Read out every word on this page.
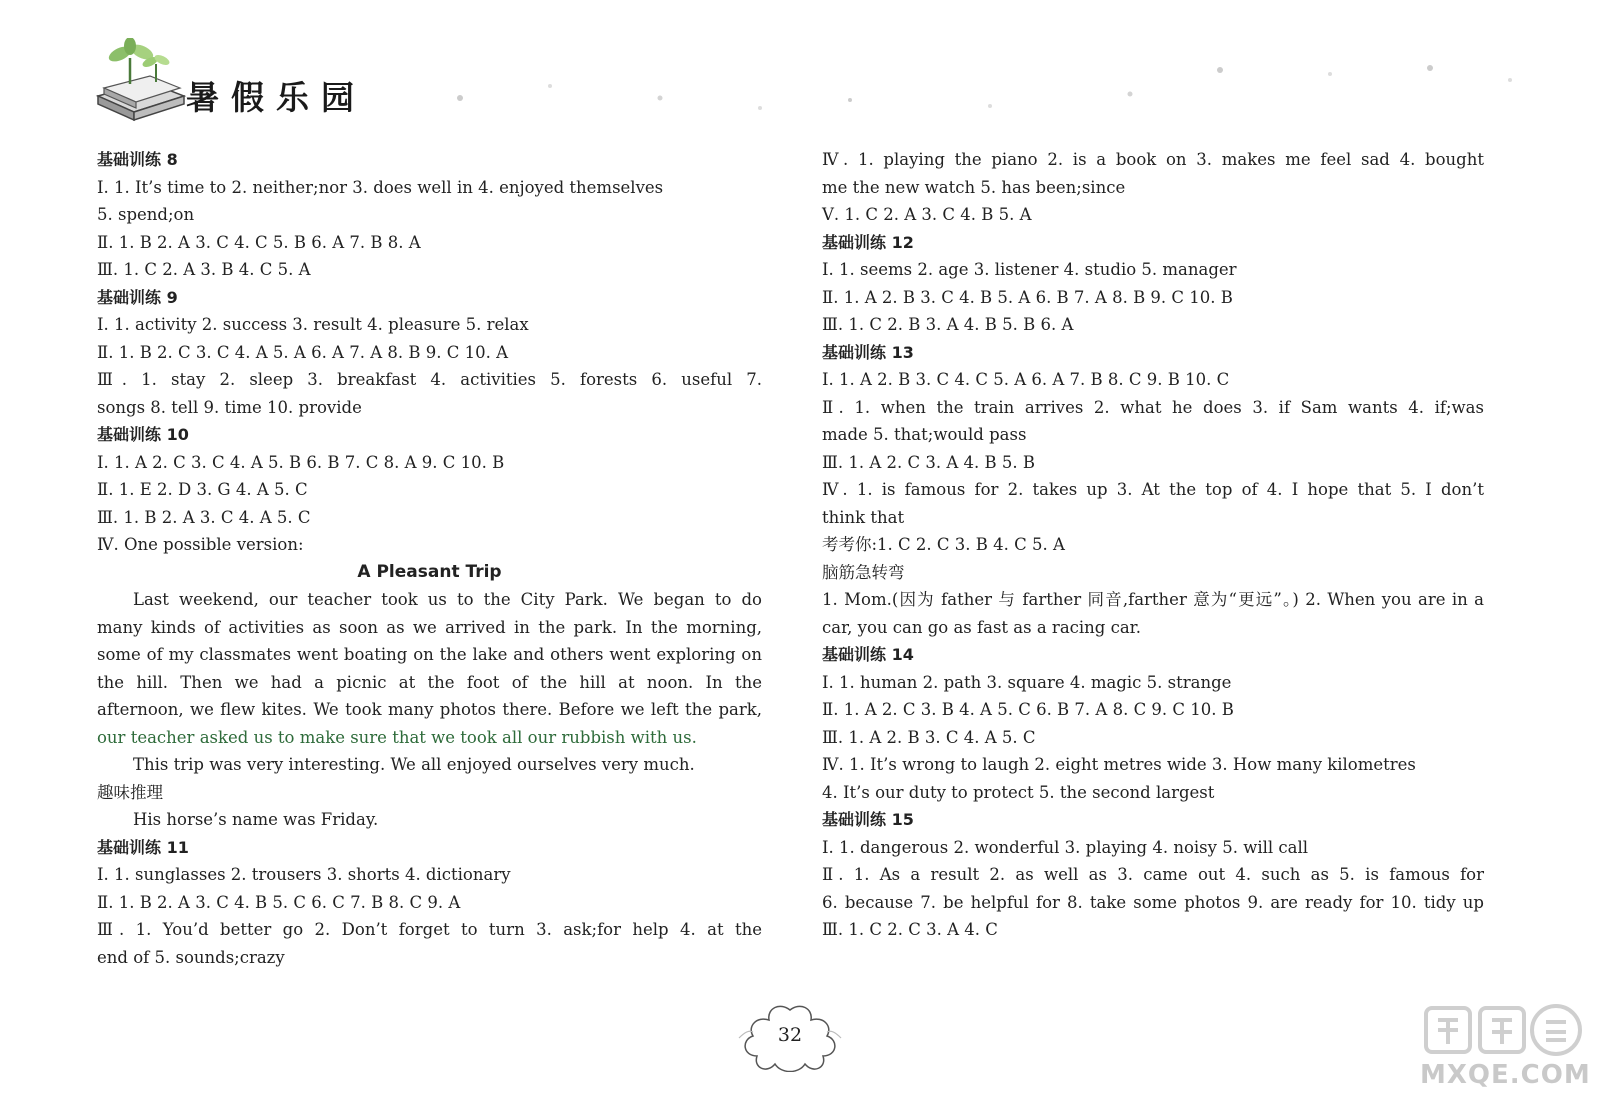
暑假乐园
基础训练 8
Ⅰ. 1. It’s time to 2. neither;nor 3. does well in 4. enjoyed themselves
5. spend;on
Ⅱ. 1. B 2. A 3. C 4. C 5. B 6. A 7. B 8. A
Ⅲ. 1. C 2. A 3. B 4. C 5. A
基础训练 9
Ⅰ. 1. activity 2. success 3. result 4. pleasure 5. relax
Ⅱ. 1. B 2. C 3. C 4. A 5. A 6. A 7. A 8. B 9. C 10. A
Ⅲ. 1. stay 2. sleep 3. breakfast 4. activities 5. forests 6. useful 7.
songs 8. tell 9. time 10. provide
基础训练 10
Ⅰ. 1. A 2. C 3. C 4. A 5. B 6. B 7. C 8. A 9. C 10. B
Ⅱ. 1. E 2. D 3. G 4. A 5. C
Ⅲ. 1. B 2. A 3. C 4. A 5. C
Ⅳ. One possible version:
A Pleasant Trip
Last weekend, our teacher took us to the City Park. We began to do
many kinds of activities as soon as we arrived in the park. In the morning,
some of my classmates went boating on the lake and others went exploring on
the hill. Then we had a picnic at the foot of the hill at noon. In the
afternoon, we flew kites. We took many photos there. Before we left the park,
our teacher asked us to make sure that we took all our rubbish with us.
This trip was very interesting. We all enjoyed ourselves very much.
趣味推理
His horse’s name was Friday.
基础训练 11
Ⅰ. 1. sunglasses 2. trousers 3. shorts 4. dictionary
Ⅱ. 1. B 2. A 3. C 4. B 5. C 6. C 7. B 8. C 9. A
Ⅲ. 1. You’d better go 2. Don’t forget to turn 3. ask;for help 4. at the
end of 5. sounds;crazy
Ⅳ. 1. playing the piano 2. is a book on 3. makes me feel sad 4. bought
me the new watch 5. has been;since
Ⅴ. 1. C 2. A 3. C 4. B 5. A
基础训练 12
Ⅰ. 1. seems 2. age 3. listener 4. studio 5. manager
Ⅱ. 1. A 2. B 3. C 4. B 5. A 6. B 7. A 8. B 9. C 10. B
Ⅲ. 1. C 2. B 3. A 4. B 5. B 6. A
基础训练 13
Ⅰ. 1. A 2. B 3. C 4. C 5. A 6. A 7. B 8. C 9. B 10. C
Ⅱ. 1. when the train arrives 2. what he does 3. if Sam wants 4. if;was
made 5. that;would pass
Ⅲ. 1. A 2. C 3. A 4. B 5. B
Ⅳ. 1. is famous for 2. takes up 3. At the top of 4. I hope that 5. I don’t
think that
考考你:1. C 2. C 3. B 4. C 5. A
脑筋急转弯
1. Mom.(因为 father 与 farther 同音,farther 意为“更远”。) 2. When you are in a
car, you can go as fast as a racing car.
基础训练 14
Ⅰ. 1. human 2. path 3. square 4. magic 5. strange
Ⅱ. 1. A 2. C 3. B 4. A 5. C 6. B 7. A 8. C 9. C 10. B
Ⅲ. 1. A 2. B 3. C 4. A 5. C
Ⅳ. 1. It’s wrong to laugh 2. eight metres wide 3. How many kilometres
4. It’s our duty to protect 5. the second largest
基础训练 15
Ⅰ. 1. dangerous 2. wonderful 3. playing 4. noisy 5. will call
Ⅱ. 1. As a result 2. as well as 3. came out 4. such as 5. is famous for
6. because 7. be helpful for 8. take some photos 9. are ready for 10. tidy up
Ⅲ. 1. C 2. C 3. A 4. C
32
MXQE.COM
